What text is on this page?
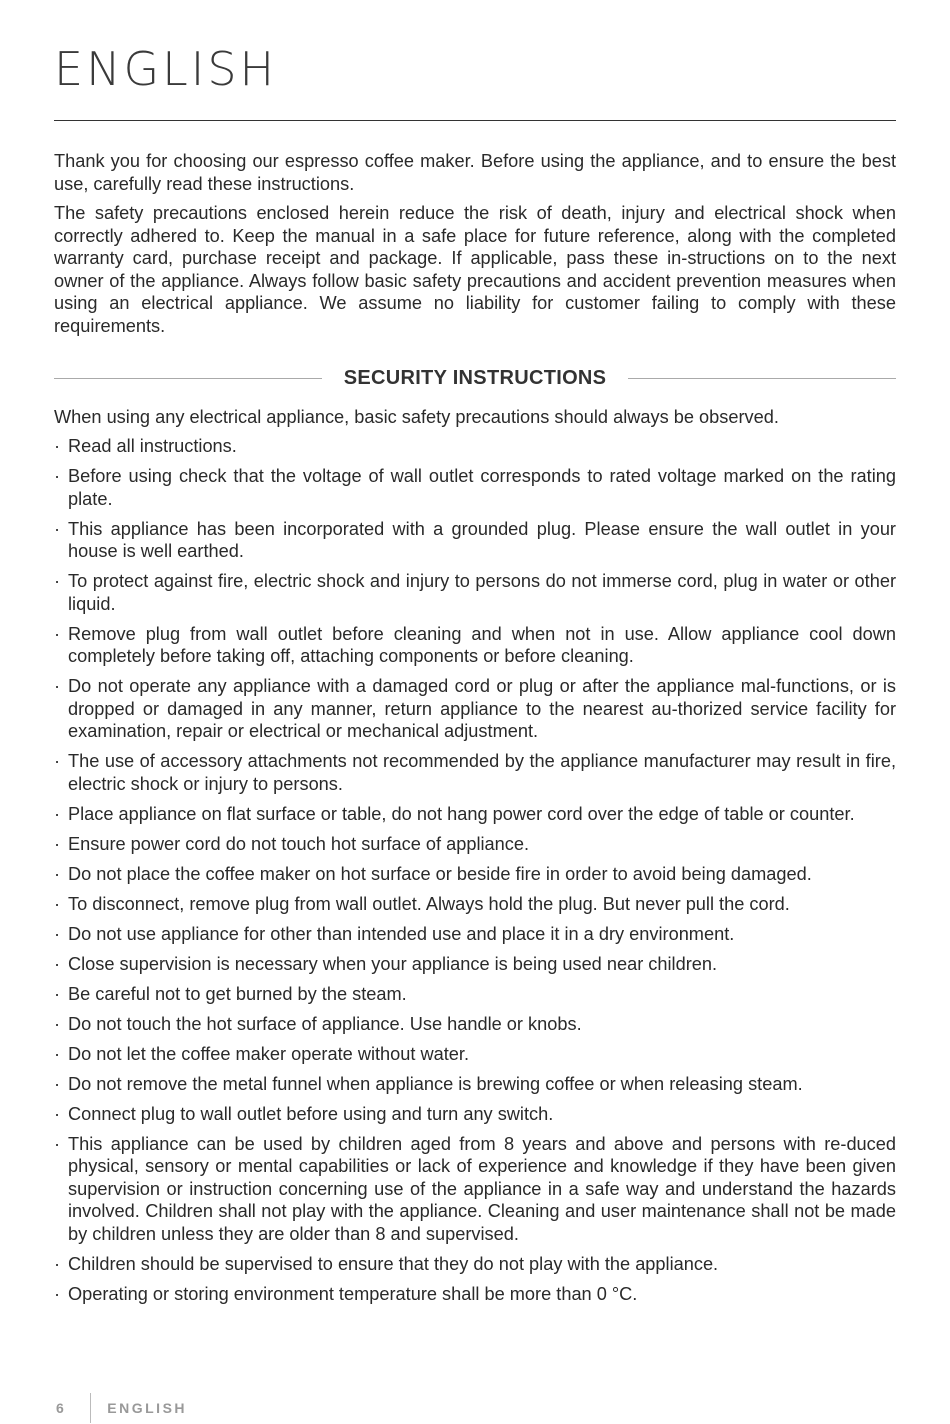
ENGLISH

Thank you for choosing our espresso coffee maker. Before using the appliance, and to ensure the best use, carefully read these instructions.

The safety precautions enclosed herein reduce the risk of death, injury and electrical shock when correctly adhered to. Keep the manual in a safe place for future reference, along with the completed warranty card, purchase receipt and package. If applicable, pass these in-structions on to the next owner of the appliance. Always follow basic safety precautions and accident prevention measures when using an electrical appliance. We assume no liability for customer failing to comply with these requirements.

SECURITY INSTRUCTIONS

When using any electrical appliance, basic safety precautions should always be observed.

· Read all instructions.
· Before using check that the voltage of wall outlet corresponds to rated voltage marked on the rating plate.
· This appliance has been incorporated with a grounded plug. Please ensure the wall outlet in your house is well earthed.
· To protect against fire, electric shock and injury to persons do not immerse cord, plug in water or other liquid.
· Remove plug from wall outlet before cleaning and when not in use. Allow appliance cool down completely before taking off, attaching components or before cleaning.
· Do not operate any appliance with a damaged cord or plug or after the appliance mal-functions, or is dropped or damaged in any manner, return appliance to the nearest au-thorized service facility for examination, repair or electrical or mechanical adjustment.
· The use of accessory attachments not recommended by the appliance manufacturer may result in fire, electric shock or injury to persons.
· Place appliance on flat surface or table, do not hang power cord over the edge of table or counter.
· Ensure power cord do not touch hot surface of appliance.
· Do not place the coffee maker on hot surface or beside fire in order to avoid being damaged.
· To disconnect, remove plug from wall outlet. Always hold the plug. But never pull the cord.
· Do not use appliance for other than intended use and place it in a dry environment.
· Close supervision is necessary when your appliance is being used near children.
· Be careful not to get burned by the steam.
· Do not touch the hot surface of appliance. Use handle or knobs.
· Do not let the coffee maker operate without water.
· Do not remove the metal funnel when appliance is brewing coffee or when releasing steam.
· Connect plug to wall outlet before using and turn any switch.
· This appliance can be used by children aged from 8 years and above and persons with re-duced physical, sensory or mental capabilities or lack of experience and knowledge if they have been given supervision or instruction concerning use of the appliance in a safe way and understand the hazards involved. Children shall not play with the appliance. Cleaning and user maintenance shall not be made by children unless they are older than 8 and supervised.
· Children should be supervised to ensure that they do not play with the appliance.
· Operating or storing environment temperature shall be more than 0 °C.
6	ENGLISH
